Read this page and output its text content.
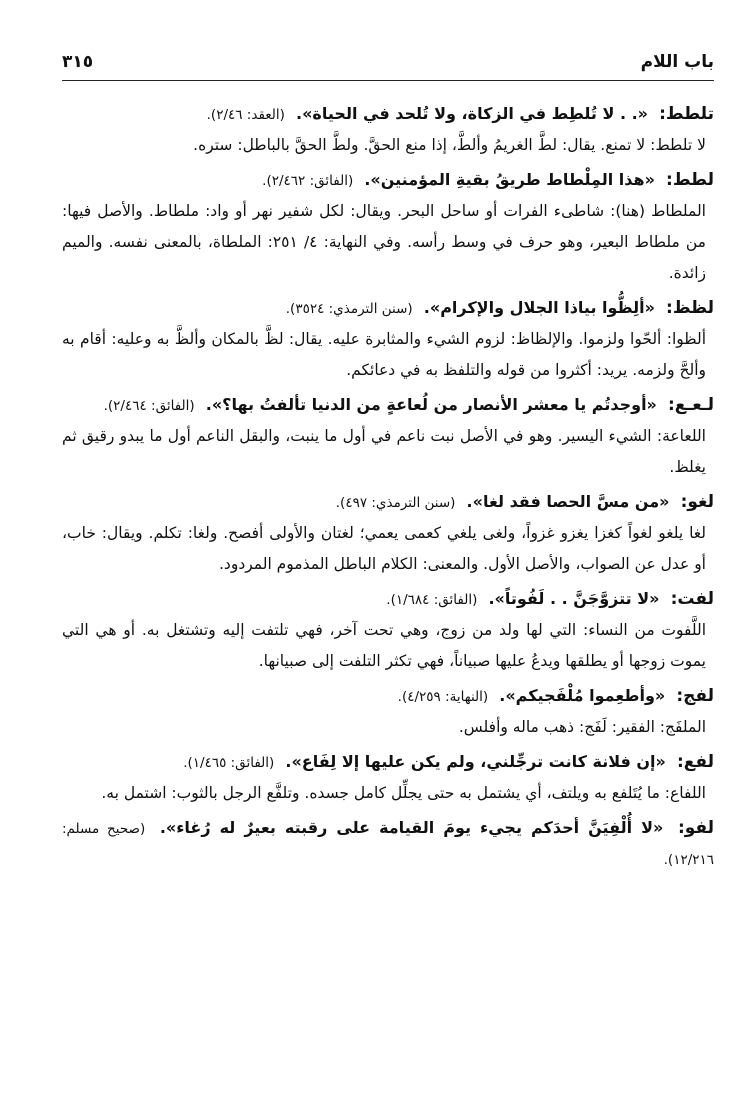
باب اللام
٣١٥
تلطط: «. . لا تُلطِط في الزكاة، ولا تُلحد في الحياة». (العقد: ٢/٤٦).
لا تلطط: لا تمنع. يقال: لطَّ الغريمُ وألطَّ، إذا منع الحقَّ. ولطَّ الحقَّ بالباطل: ستره.
لطط: «هذا المِلْطاط طريقُ بقيةِ المؤمنين». (الفائق: ٢/٤٦٢).
الملطاط (هنا): شاطىء الفرات أو ساحل البحر. ويقال: لكل شفير نهر أو واد: ملطاط. والأصل فيها: من ملطاط البعير، وهو حرف في وسط رأسه. وفي النهاية: ٤/ ٢٥١: الملطاة، بالمعنى نفسه. والميم زائدة.
لظظ: «ألِظُّوا بياذا الجلال والإكرام». (سنن الترمذي: ٣٥٢٤).
ألظوا: ألحّوا ولزموا. والإلظاظ: لزوم الشيء والمثابرة عليه. يقال: لظَّ بالمكان وألظَّ به وعليه: أقام به وألحَّ ولزمه. يريد: أكثروا من قوله والتلفظ به في دعائكم.
لـعـع: «أوجدتُم يا معشر الأنصار من لُعاعةٍ من الدنيا تألفتُ بها؟». (الفائق: ٢/٤٦٤).
اللعاعة: الشيء اليسير. وهو في الأصل نبت ناعم في أول ما ينبت، والبقل الناعم أول ما يبدو رقيق ثم يغلظ.
لغو: «من مسَّ الحصا فقد لغا». (سنن الترمذي: ٤٩٧).
لغا يلغو لغواً كغزا يغزو غزواً، ولغى يلغي كعمى يعمي؛ لغتان والأولى أفصح. ولغا: تكلم. ويقال: خاب، أو عدل عن الصواب، والأصل الأول. والمعنى: الكلام الباطل المذموم المردود.
لفت: «لا تتزوَّجَنَّ . . لَفُوتاً». (الفائق: ١/٦٨٤).
اللَّفوت من النساء: التي لها ولد من زوج، وهي تحت آخر، فهي تلتفت إليه وتشتغل به. أو هي التي يموت زوجها أو يطلقها ويدعُ عليها صبياناً، فهي تكثر التلفت إلى صبيانها.
لفج: «وأطعِموا مُلْفَجيكم». (النهاية: ٤/٢٥٩).
الملفَج: الفقير: لَفَج: ذهب ماله وأفلس.
لفع: «إن فلانة كانت ترجِّلني، ولم يكن عليها إلا لِفَاع». (الفائق: ١/٤٦٥).
اللفاع: ما يُتَلفع به ويلتف، أي يشتمل به حتى يجلِّل كامل جسده. وتلفَّع الرجل بالثوب: اشتمل به.
لفو: «لا أُلْفِيَنَّ أحدَكم يجيء يومَ القيامة على رقبته بعيرٌ له رُغاء». (صحيح مسلم: ١٢/٢١٦).
